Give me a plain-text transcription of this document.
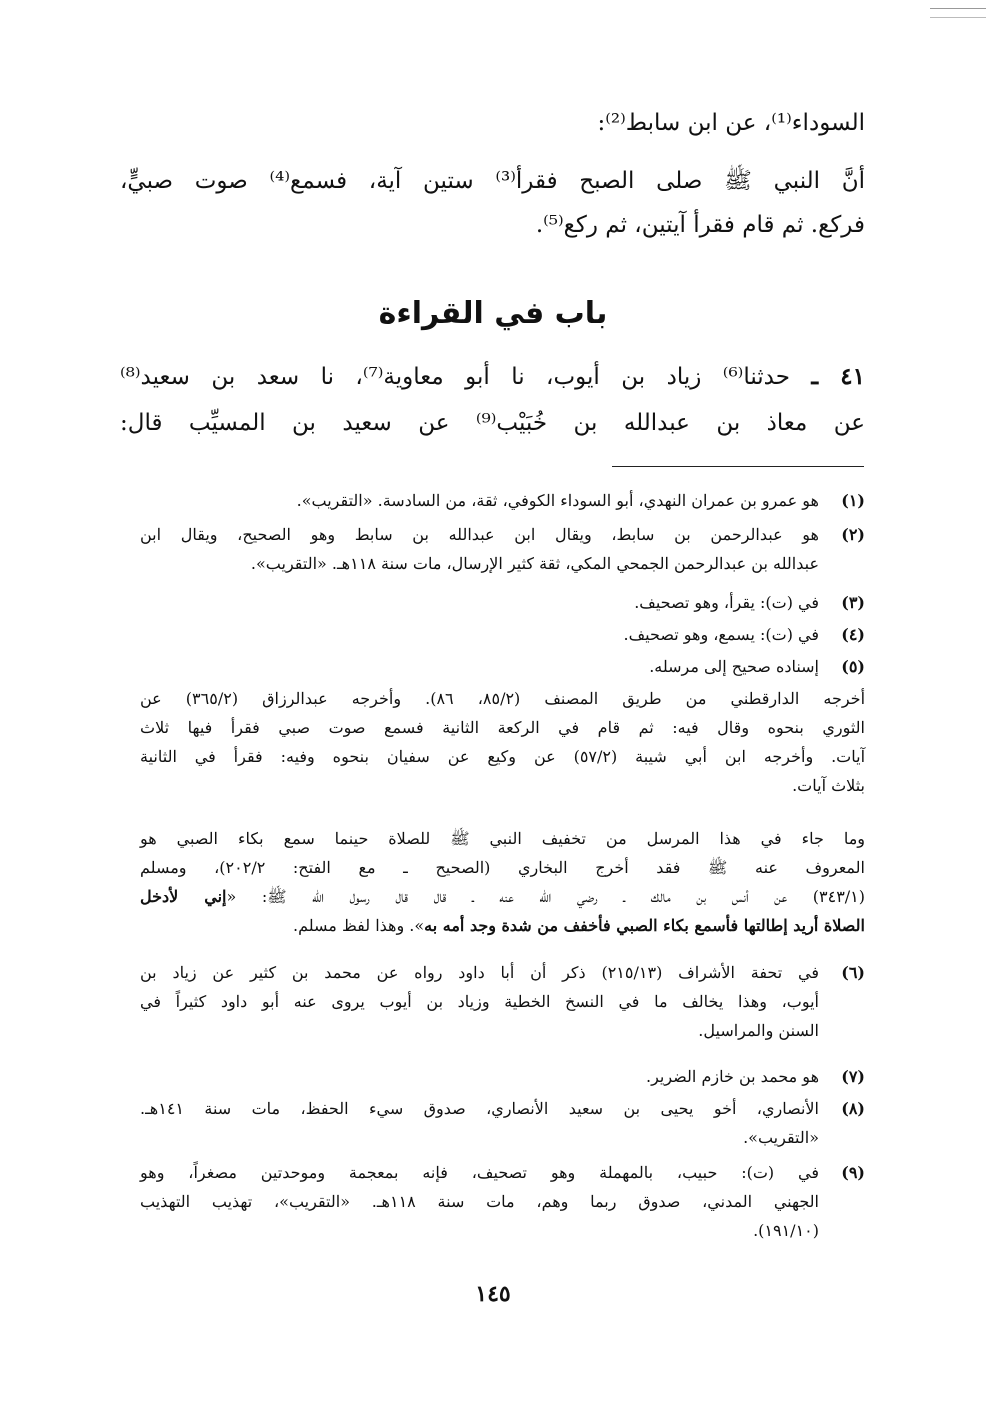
السوداء⁽¹⁾، عن ابن سابط⁽²⁾:
أنَّ النبي ﷺ صلى الصبح فقرأ⁽³⁾ ستين آية، فسمع⁽⁴⁾ صوت صبيٍّ،
فركع. ثم قام فقرأ آيتين، ثم ركع⁽⁵⁾.
٤١ ـ حدثنا⁽⁶⁾ زياد بن أيوب، نا أبو معاوية⁽⁷⁾، نا سعد بن سعيد⁽⁸⁾
عن معاذ بن عبدالله بن خُبَيْب⁽⁹⁾ عن سعيد بن المسيِّب قال:
باب في القراءة
(١)
هو عمرو بن عمران النهدي، أبو السوداء الكوفي، ثقة، من السادسة. «التقريب».
(٢)
هو عبدالرحمن بن سابط، ويقال ابن عبدالله بن سابط وهو الصحيح، ويقال ابن
عبدالله بن عبدالرحمن الجمحي المكي، ثقة كثير الإرسال، مات سنة ١١٨هـ. «التقريب».
(٣)
في (ت): يقرأ، وهو تصحيف.
(٤)
في (ت): يسمع، وهو تصحيف.
(٥)
إسناده صحيح إلى مرسله.
أخرجه الدارقطني من طريق المصنف (٨٥/٢، ٨٦). وأخرجه عبدالرزاق (٣٦٥/٢) عن
الثوري بنحوه وقال فيه: ثم قام في الركعة الثانية فسمع صوت صبي فقرأ فيها ثلاث
آيات. وأخرجه ابن أبي شيبة (٥٧/٢) عن وكيع عن سفيان بنحوه وفيه: فقرأ في الثانية
بثلاث آيات.
وما جاء في هذا المرسل من تخفيف النبي ﷺ للصلاة حينما سمع بكاء الصبي هو
المعروف عنه ﷺ فقد أخرج البخاري (الصحيح ـ مع الفتح: ٢٠٢/٢)، ومسلم
(٣٤٣/١) عن أنس بن مالك ـ رضي الله عنه ـ قال قال رسول الله ﷺ: «إني لأدخل
الصلاة أريد إطالتها فأسمع بكاء الصبي فأخفف من شدة وجد أمه به». وهذا لفظ مسلم.
(٦)
في تحفة الأشراف (٢١٥/١٣) ذكر أن أبا داود رواه عن محمد بن كثير عن زياد بن
أيوب، وهذا يخالف ما في النسخ الخطية وزياد بن أيوب يروى عنه أبو داود كثيراً في
السنن والمراسيل.
(٧)
هو محمد بن خازم الضرير.
(٨)
الأنصاري، أخو يحيى بن سعيد الأنصاري، صدوق سيء الحفظ، مات سنة ١٤١هـ.
«التقريب».
(٩)
في (ت): حبيب، بالمهملة وهو تصحيف، فإنه بمعجمة وموحدتين مصغراً، وهو
الجهني المدني، صدوق ربما وهم، مات سنة ١١٨هـ. «التقريب»، تهذيب التهذيب
(١٩١/١٠).
١٤٥
